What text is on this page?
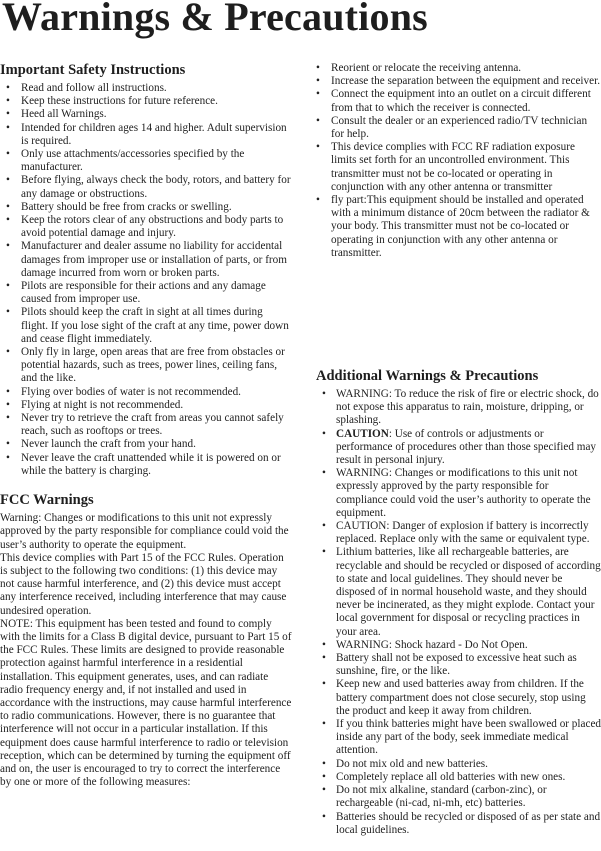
Warnings & Precautions
Important Safety Instructions
• Read and follow all instructions.
• Keep these instructions for future reference.
• Heed all Warnings.
• Intended for children ages 14 and higher. Adult supervision is required.
• Only use attachments/accessories specified by the manufacturer.
• Before flying, always check the body, rotors, and battery for any damage or obstructions.
• Battery should be free from cracks or swelling.
• Keep the rotors clear of any obstructions and body parts to avoid potential damage and injury.
• Manufacturer and dealer assume no liability for accidental damages from improper use or installation of parts, or from damage incurred from worn or broken parts.
• Pilots are responsible for their actions and any damage caused from improper use.
• Pilots should keep the craft in sight at all times during flight. If you lose sight of the craft at any time, power down and cease flight immediately.
• Only fly in large, open areas that are free from obstacles or potential hazards, such as trees, power lines, ceiling fans, and the like.
• Flying over bodies of water is not recommended.
• Flying at night is not recommended.
• Never try to retrieve the craft from areas you cannot safely reach, such as rooftops or trees.
• Never launch the craft from your hand.
• Never leave the craft unattended while it is powered on or while the battery is charging.
FCC Warnings

Warning: Changes or modifications to this unit not expressly approved by the party responsible for compliance could void the user’s authority to operate the equipment.

This device complies with Part 15 of the FCC Rules. Operation is subject to the following two conditions: (1) this device may not cause harmful interference, and (2) this device must accept any interference received, including interference that may cause undesired operation.

NOTE: This equipment has been tested and found to comply with the limits for a Class B digital device, pursuant to Part 15 of the FCC Rules. These limits are designed to provide reasonable protection against harmful interference in a residential installation. This equipment generates, uses, and can radiate radio frequency energy and, if not installed and used in accordance with the instructions, may cause harmful interference to radio communications. However, there is no guarantee that interference will not occur in a particular installation. If this equipment does cause harmful interference to radio or television reception, which can be determined by turning the equipment off and on, the user is encouraged to try to correct the interference by one or more of the following measures:

• Reorient or relocate the receiving antenna.
• Increase the separation between the equipment and receiver.
• Connect the equipment into an outlet on a circuit different from that to which the receiver is connected.
• Consult the dealer or an experienced radio/TV technician for help.
• This device complies with FCC RF radiation exposure limits set forth for an uncontrolled environment. This transmitter must not be co-located or operating in conjunction with any other antenna or transmitter
• fly part:This equipment should be installed and operated with a minimum distance of 20cm between the radiator & your body. This transmitter must not be co-located or operating in conjunction with any other antenna or transmitter.
Additional Warnings & Precautions
• WARNING: To reduce the risk of fire or electric shock, do not expose this apparatus to rain, moisture, dripping, or splashing.
• CAUTION: Use of controls or adjustments or performance of procedures other than those specified may result in personal injury.
• WARNING: Changes or modifications to this unit not expressly approved by the party responsible for compliance could void the user’s authority to operate the equipment.
• CAUTION: Danger of explosion if battery is incorrectly replaced. Replace only with the same or equivalent type.
• Lithium batteries, like all rechargeable batteries, are recyclable and should be recycled or disposed of according to state and local guidelines. They should never be disposed of in normal household waste, and they should never be incinerated, as they might explode. Contact your local government for disposal or recycling practices in your area.
• WARNING: Shock hazard - Do Not Open.
• Battery shall not be exposed to excessive heat such as sunshine, fire, or the like.
• Keep new and used batteries away from children. If the battery compartment does not close securely, stop using the product and keep it away from children.
• If you think batteries might have been swallowed or placed inside any part of the body, seek immediate medical attention.
• Do not mix old and new batteries.
• Completely replace all old batteries with new ones.
• Do not mix alkaline, standard (carbon-zinc), or rechargeable (ni-cad, ni-mh, etc) batteries.
• Batteries should be recycled or disposed of as per state and local guidelines.
